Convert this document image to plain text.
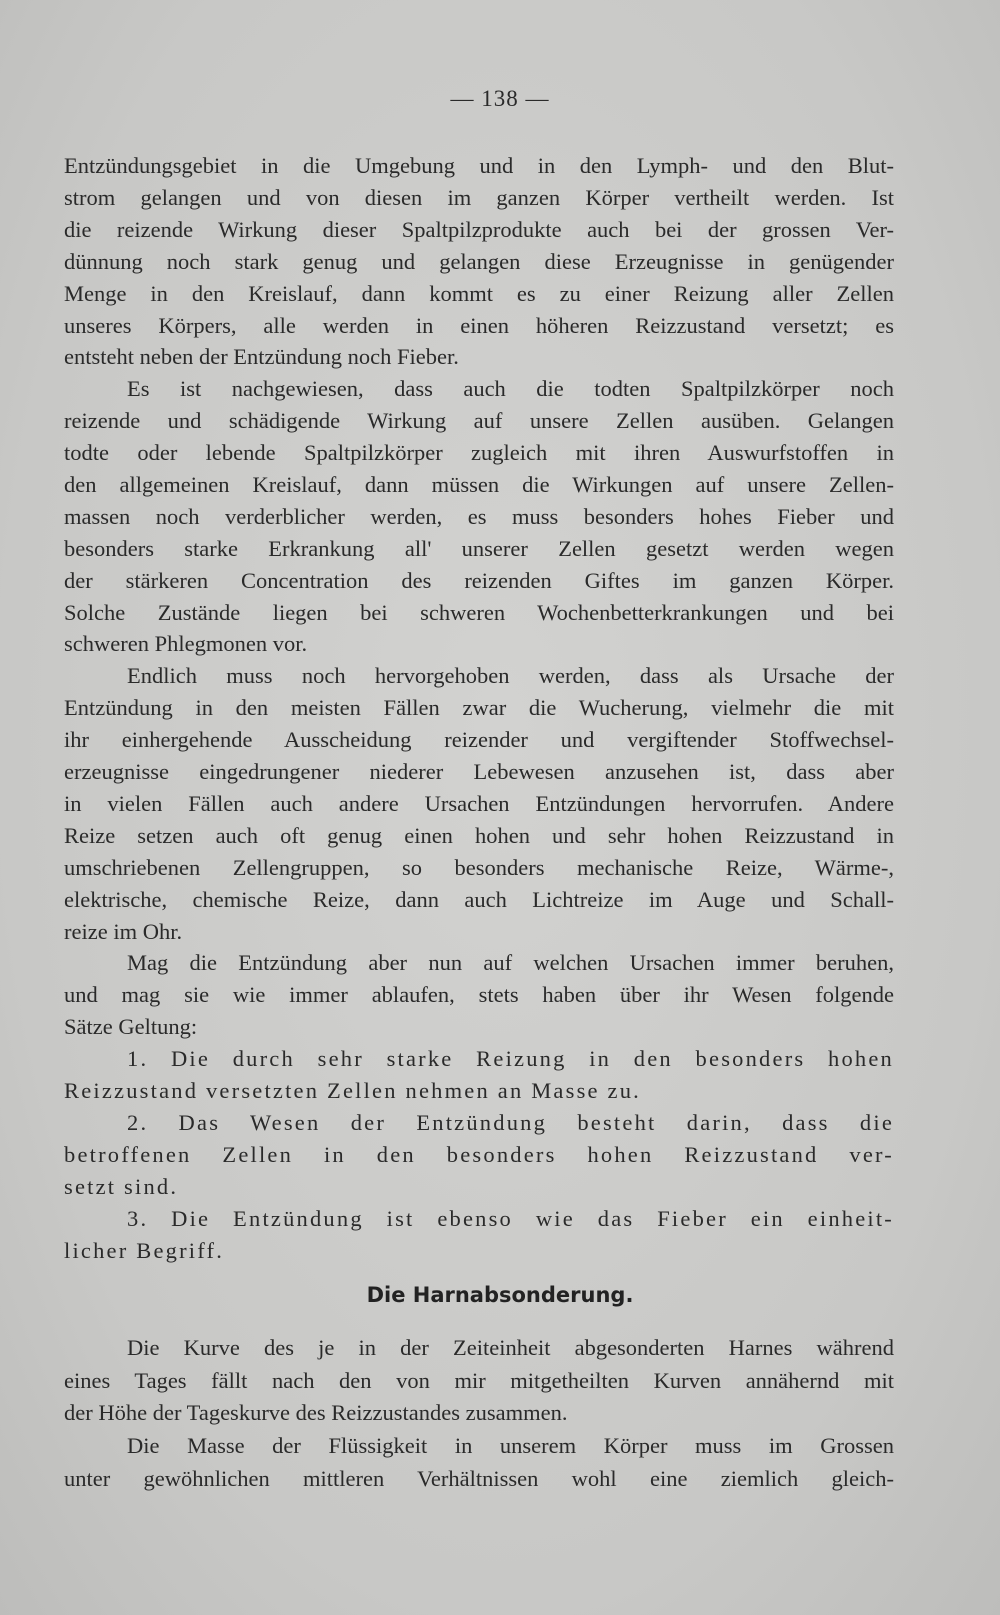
— 138 —
Entzündungsgebiet in die Umgebung und in den Lymph- und den Blut-
strom gelangen und von diesen im ganzen Körper vertheilt werden. Ist
die reizende Wirkung dieser Spaltpilzprodukte auch bei der grossen Ver-
dünnung noch stark genug und gelangen diese Erzeugnisse in genügender
Menge in den Kreislauf, dann kommt es zu einer Reizung aller Zellen
unseres Körpers, alle werden in einen höheren Reizzustand versetzt; es
entsteht neben der Entzündung noch Fieber.
Es ist nachgewiesen, dass auch die todten Spaltpilzkörper noch
reizende und schädigende Wirkung auf unsere Zellen ausüben. Gelangen
todte oder lebende Spaltpilzkörper zugleich mit ihren Auswurfstoffen in
den allgemeinen Kreislauf, dann müssen die Wirkungen auf unsere Zellen-
massen noch verderblicher werden, es muss besonders hohes Fieber und
besonders starke Erkrankung all' unserer Zellen gesetzt werden wegen
der stärkeren Concentration des reizenden Giftes im ganzen Körper.
Solche Zustände liegen bei schweren Wochenbetterkrankungen und bei
schweren Phlegmonen vor.
Endlich muss noch hervorgehoben werden, dass als Ursache der
Entzündung in den meisten Fällen zwar die Wucherung, vielmehr die mit
ihr einhergehende Ausscheidung reizender und vergiftender Stoffwechsel-
erzeugnisse eingedrungener niederer Lebewesen anzusehen ist, dass aber
in vielen Fällen auch andere Ursachen Entzündungen hervorrufen. Andere
Reize setzen auch oft genug einen hohen und sehr hohen Reizzustand in
umschriebenen Zellengruppen, so besonders mechanische Reize, Wärme-,
elektrische, chemische Reize, dann auch Lichtreize im Auge und Schall-
reize im Ohr.
Mag die Entzündung aber nun auf welchen Ursachen immer beruhen,
und mag sie wie immer ablaufen, stets haben über ihr Wesen folgende
Sätze Geltung:
1. Die durch sehr starke Reizung in den besonders hohen
Reizzustand versetzten Zellen nehmen an Masse zu.
2. Das Wesen der Entzündung besteht darin, dass die
betroffenen Zellen in den besonders hohen Reizzustand ver-
setzt sind.
3. Die Entzündung ist ebenso wie das Fieber ein einheit-
licher Begriff.
Die Harnabsonderung.
Die Kurve des je in der Zeiteinheit abgesonderten Harnes während
eines Tages fällt nach den von mir mitgetheilten Kurven annähernd mit
der Höhe der Tageskurve des Reizzustandes zusammen.
Die Masse der Flüssigkeit in unserem Körper muss im Grossen
unter gewöhnlichen mittleren Verhältnissen wohl eine ziemlich gleich-
